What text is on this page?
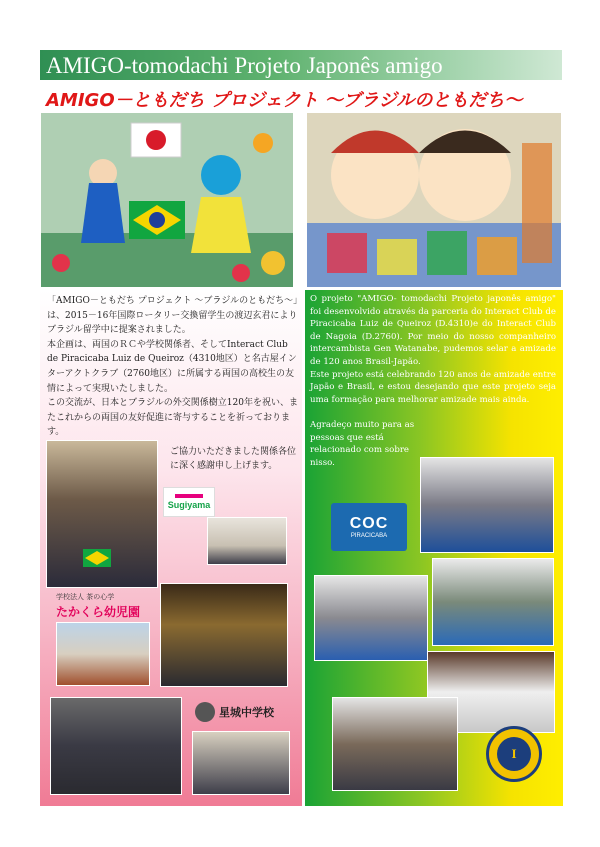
AMIGO-tomodachi Projeto Japonês amigo
AMIGO－ともだち プロジェクト ～ブラジルのともだち～

「AMIGO－ともだち プロジェクト ～ブラジルのともだち～」は、2015－16年国際ロータリー交換留学生の渡辺玄君によりブラジル留学中に提案されました。

本企画は、両国のＲＣや学校関係者、そしてInteract Club de Piracicaba Luiz de Queiroz（4310地区）と名古屋インターアクトクラブ（2760地区）に所属する両国の高校生の友情によって実現いたしました。

この交流が、日本とブラジルの外交関係樹立120年を祝い、またこれからの両国の友好促進に寄与することを祈っております。

ご協力いただきました関係各位に深く感謝申し上げます。

O projeto "AMIGO- tomodachi Projeto japonês amigo" foi desenvolvido através da parceria do Interact Club de Piracicaba Luiz de Queiroz (D.4310)e do Interact Club de Nagoia (D.2760). Por meio do nosso companheiro intercambista Gen Watanabe, pudemos selar a amizade de 120 anos Brasil-Japão.

Este projeto está celebrando 120 anos de amizade entre Japão e Brasil, e estou desejando que este projeto seja uma formação para melhorar amizade mais ainda.

Agradeço muito para as pessoas que está relacionado com sobre nisso.
Sugiyama
学校法人 茶の心学
たかくら幼児園
星城中学校
COC
PIRACICABA
I
